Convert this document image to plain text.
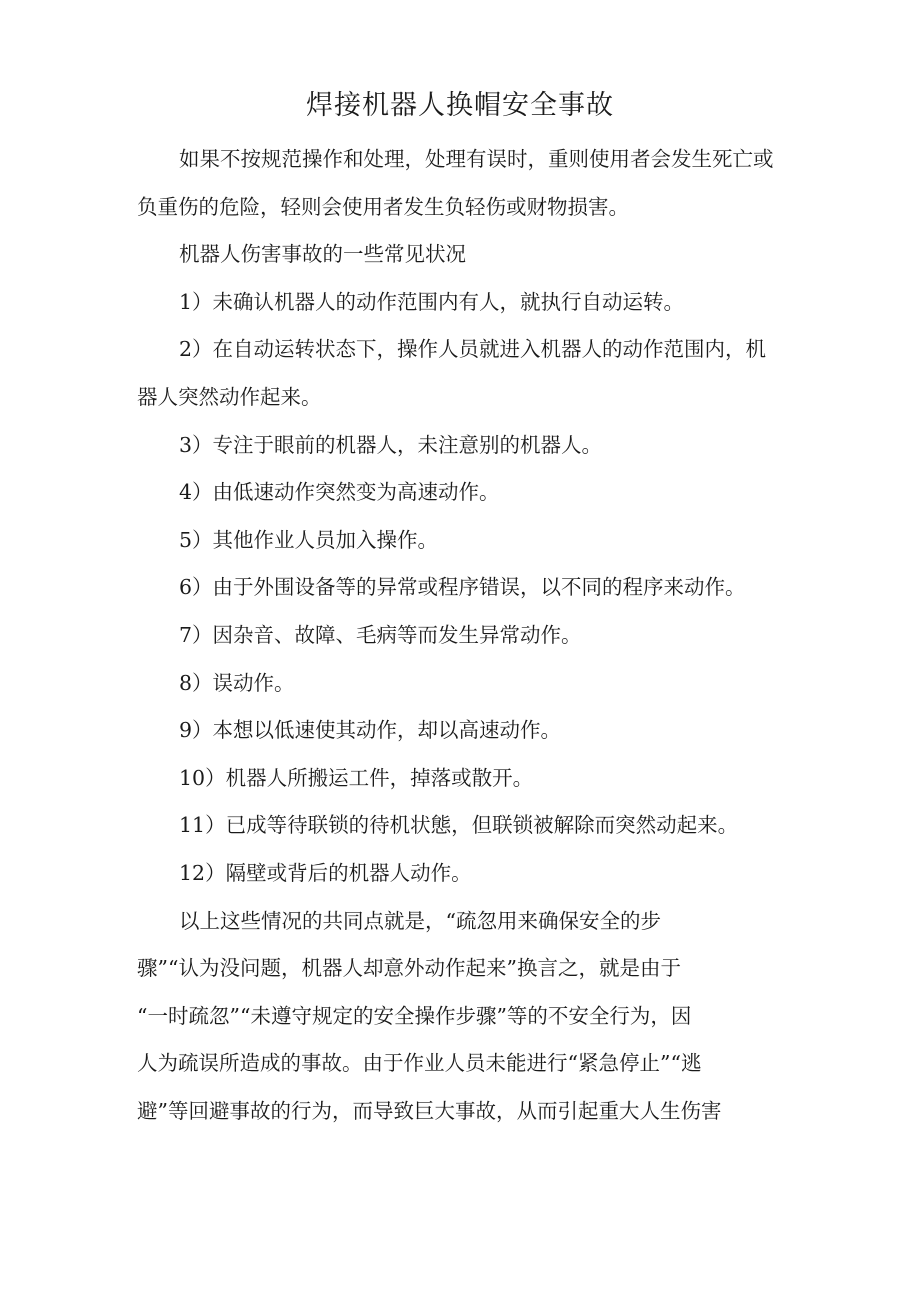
焊接机器人换帽安全事故

如果不按规范操作和处理，处理有误时，重则使用者会发生死亡或负重伤的危险，轻则会使用者发生负轻伤或财物损害。

机器人伤害事故的一些常见状况

1）未确认机器人的动作范围内有人，就执行自动运转。

2）在自动运转状态下，操作人员就进入机器人的动作范围内，机器人突然动作起来。

3）专注于眼前的机器人，未注意别的机器人。

4）由低速动作突然变为高速动作。

5）其他作业人员加入操作。

6）由于外围设备等的异常或程序错误，以不同的程序来动作。

7）因杂音、故障、毛病等而发生异常动作。

8）误动作。

9）本想以低速使其动作，却以高速动作。

10）机器人所搬运工件，掉落或散开。

11）已成等待联锁的待机状態，但联锁被解除而突然动起来。

12）隔壁或背后的机器人动作。

以上这些情况的共同点就是，“疏忽用来确保安全的步
骤”“认为没问题，机器人却意外动作起来”换言之，就是由于
“一时疏忽”“未遵守规定的安全操作步骤”等的不安全行为，因
人为疏误所造成的事故。由于作业人员未能进行“紧急停止”“逃
避”等回避事故的行为，而导致巨大事故，从而引起重大人生伤害
